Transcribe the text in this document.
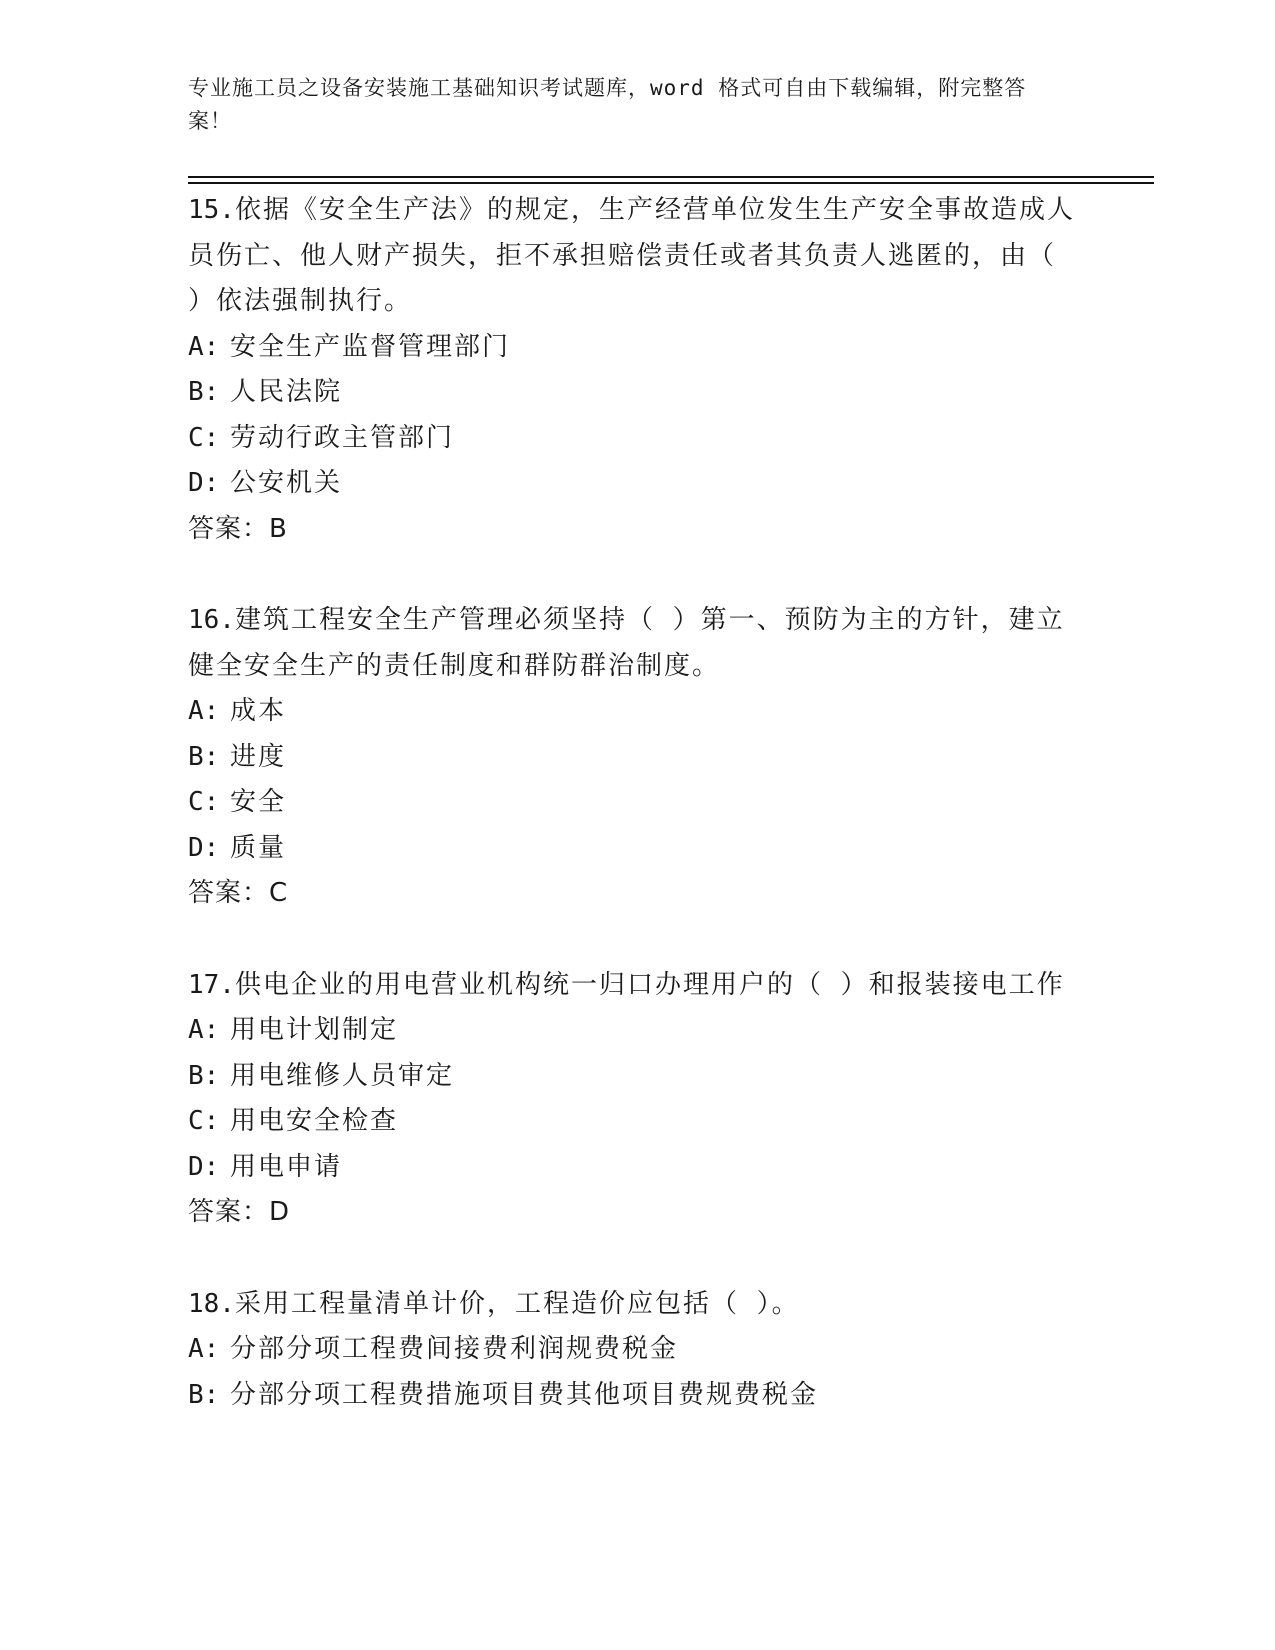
专业施工员之设备安装施工基础知识考试题库，word 格式可自由下载编辑，附完整答案！

15.依据《安全生产法》的规定，生产经营单位发生生产安全事故造成人员伤亡、他人财产损失，拒不承担赔偿责任或者其负责人逃匿的，由（ ）依法强制执行。

A: 安全生产监督管理部门
B: 人民法院
C: 劳动行政主管部门
D: 公安机关
答案：B

16.建筑工程安全生产管理必须坚持（ ）第一、预防为主的方针，建立健全安全生产的责任制度和群防群治制度。

A: 成本
B: 进度
C: 安全
D: 质量
答案：C

17.供电企业的用电营业机构统一归口办理用户的（ ）和报装接电工作

A: 用电计划制定
B: 用电维修人员审定
C: 用电安全检查
D: 用电申请
答案：D

18.采用工程量清单计价，工程造价应包括（ ）。

A: 分部分项工程费间接费利润规费税金
B: 分部分项工程费措施项目费其他项目费规费税金
